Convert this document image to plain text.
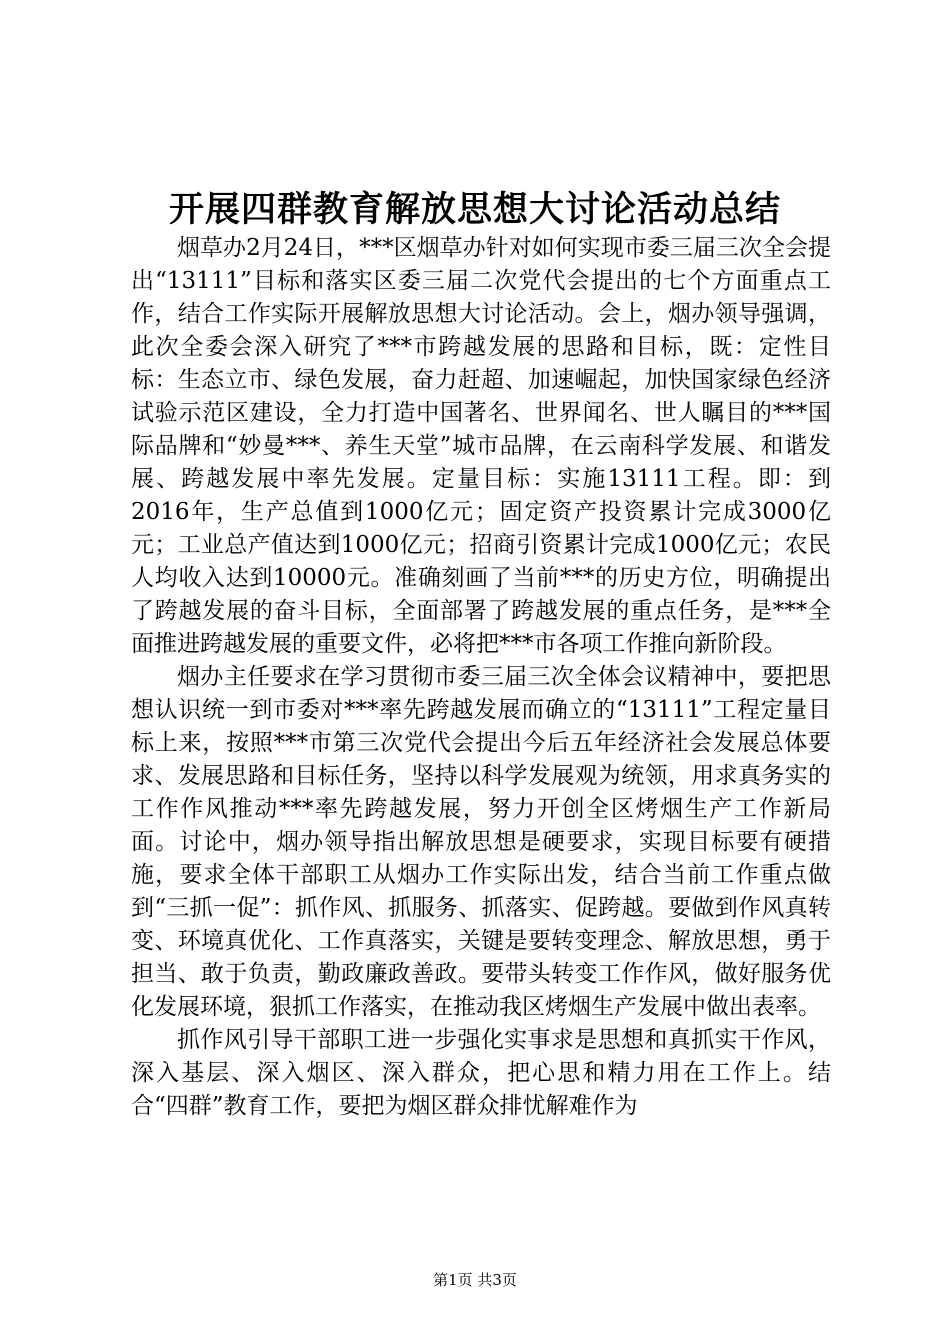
开展四群教育解放思想大讨论活动总结

烟草办2月24日，***区烟草办针对如何实现市委三届三次全会提出“13111”目标和落实区委三届二次党代会提出的七个方面重点工作，结合工作实际开展解放思想大讨论活动。会上，烟办领导强调，此次全委会深入研究了***市跨越发展的思路和目标，既：定性目标：生态立市、绿色发展，奋力赶超、加速崛起，加快国家绿色经济试验示范区建设，全力打造中国著名、世界闻名、世人瞩目的***国际品牌和“妙曼***、养生天堂”城市品牌，在云南科学发展、和谐发展、跨越发展中率先发展。定量目标：实施13111工程。即：到2016年，生产总值到1000亿元；固定资产投资累计完成3000亿元；工业总产值达到1000亿元；招商引资累计完成1000亿元；农民人均收入达到10000元。准确刻画了当前***的历史方位，明确提出了跨越发展的奋斗目标，全面部署了跨越发展的重点任务，是***全面推进跨越发展的重要文件，必将把***市各项工作推向新阶段。

烟办主任要求在学习贯彻市委三届三次全体会议精神中，要把思想认识统一到市委对***率先跨越发展而确立的“13111”工程定量目标上来，按照***市第三次党代会提出今后五年经济社会发展总体要求、发展思路和目标任务，坚持以科学发展观为统领，用求真务实的工作作风推动***率先跨越发展，努力开创全区烤烟生产工作新局面。讨论中，烟办领导指出解放思想是硬要求，实现目标要有硬措施，要求全体干部职工从烟办工作实际出发，结合当前工作重点做到“三抓一促”：抓作风、抓服务、抓落实、促跨越。要做到作风真转变、环境真优化、工作真落实，关键是要转变理念、解放思想，勇于担当、敢于负责，勤政廉政善政。要带头转变工作作风，做好服务优化发展环境，狠抓工作落实，在推动我区烤烟生产发展中做出表率。

抓作风引导干部职工进一步强化实事求是思想和真抓实干作风，深入基层、深入烟区、深入群众，把心思和精力用在工作上。结合“四群”教育工作，要把为烟区群众排忧解难作为

第1页 共3页
